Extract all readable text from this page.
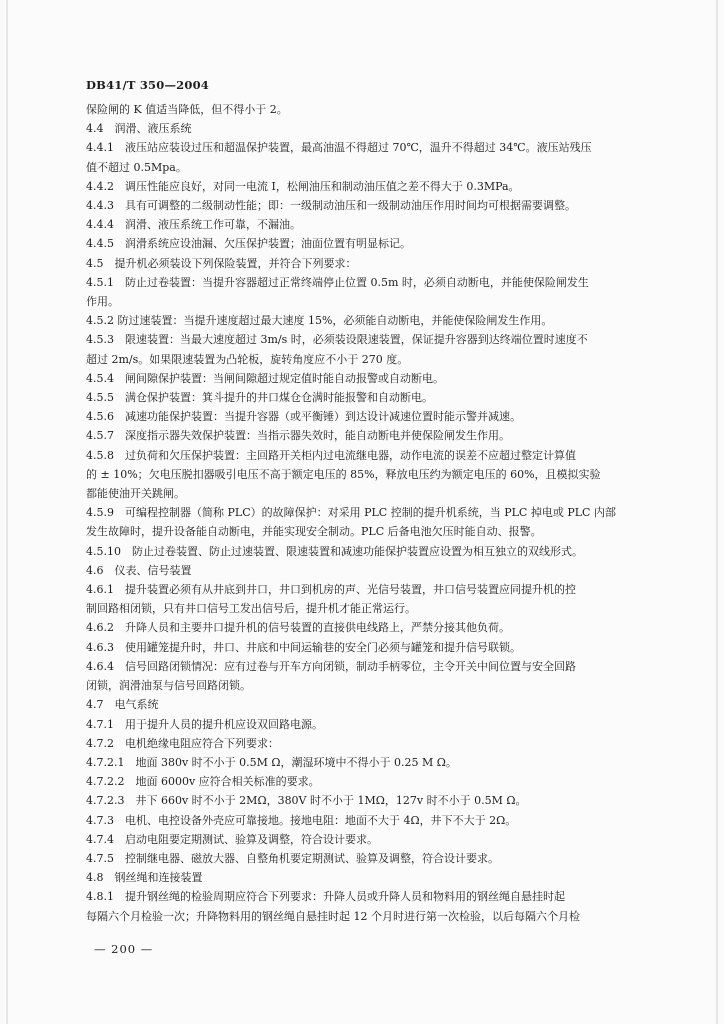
DB41/T 350—2004
保险闸的 K 值适当降低，但不得小于 2。
4.4　润滑、液压系统
4.4.1　液压站应装设过压和超温保护装置，最高油温不得超过 70℃，温升不得超过 34℃。液压站残压
值不超过 0.5Mpa。
4.4.2　调压性能应良好，对同一电流 I，松闸油压和制动油压值之差不得大于 0.3MPa。
4.4.3　具有可调整的二级制动性能；即：一级制动油压和一级制动油压作用时间均可根据需要调整。
4.4.4　润滑、液压系统工作可靠，不漏油。
4.4.5　润滑系统应设油漏、欠压保护装置；油面位置有明显标记。
4.5　提升机必须装设下列保险装置，并符合下列要求：
4.5.1　防止过卷装置：当提升容器超过正常终端停止位置 0.5m 时，必须自动断电，并能使保险闸发生
作用。
4.5.2 防过速装置：当提升速度超过最大速度 15%，必须能自动断电，并能使保险闸发生作用。
4.5.3　限速装置：当最大速度超过 3m/s 时，必须装设限速装置，保证提升容器到达终端位置时速度不
超过 2m/s。如果限速装置为凸轮板，旋转角度应不小于 270 度。
4.5.4　闸间隙保护装置：当闸间隙超过规定值时能自动报警或自动断电。
4.5.5　满仓保护装置：箕斗提升的井口煤仓仓满时能报警和自动断电。
4.5.6　减速功能保护装置：当提升容器（或平衡锤）到达设计减速位置时能示警并减速。
4.5.7　深度指示器失效保护装置：当指示器失效时，能自动断电并使保险闸发生作用。
4.5.8　过负荷和欠压保护装置：主回路开关柜内过电流继电器，动作电流的误差不应超过整定计算值
的 ± 10%；欠电压脱扣器吸引电压不高于额定电压的 85%，释放电压约为额定电压的 60%，且模拟实验
都能使油开关跳闸。
4.5.9　可编程控制器（简称 PLC）的故障保护：对采用 PLC 控制的提升机系统，当 PLC 掉电或 PLC 内部
发生故障时，提升设备能自动断电，并能实现安全制动。PLC 后备电池欠压时能自动、报警。
4.5.10　防止过卷装置、防止过速装置、限速装置和减速功能保护装置应设置为相互独立的双线形式。
4.6　仪表、信号装置
4.6.1　提升装置必须有从井底到井口，井口到机房的声、光信号装置，井口信号装置应同提升机的控
制回路相闭锁，只有井口信号工发出信号后，提升机才能正常运行。
4.6.2　升降人员和主要井口提升机的信号装置的直接供电线路上，严禁分接其他负荷。
4.6.3　使用罐笼提升时，井口、井底和中间运输巷的安全门必须与罐笼和提升信号联锁。
4.6.4　信号回路闭锁情况：应有过卷与开车方向闭锁，制动手柄零位，主令开关中间位置与安全回路
闭锁，润滑油泵与信号回路闭锁。
4.7　电气系统
4.7.1　用于提升人员的提升机应设双回路电源。
4.7.2　电机绝缘电阻应符合下列要求：
4.7.2.1　地面 380v 时不小于 0.5M Ω，潮湿环境中不得小于 0.25 M Ω。
4.7.2.2　地面 6000v 应符合相关标准的要求。
4.7.2.3　井下 660v 时不小于 2MΩ，380V 时不小于 1MΩ，127v 时不小于 0.5M Ω。
4.7.3　电机、电控设备外壳应可靠接地。接地电阻：地面不大于 4Ω，井下不大于 2Ω。
4.7.4　启动电阻要定期测试、验算及调整，符合设计要求。
4.7.5　控制继电器、磁放大器、自整角机要定期测试、验算及调整，符合设计要求。
4.8　钢丝绳和连接装置
4.8.1　提升钢丝绳的检验周期应符合下列要求：升降人员或升降人员和物料用的钢丝绳自悬挂时起
每隔六个月检验一次；升降物料用的钢丝绳自悬挂时起 12 个月时进行第一次检验，以后每隔六个月检
— 200 —
